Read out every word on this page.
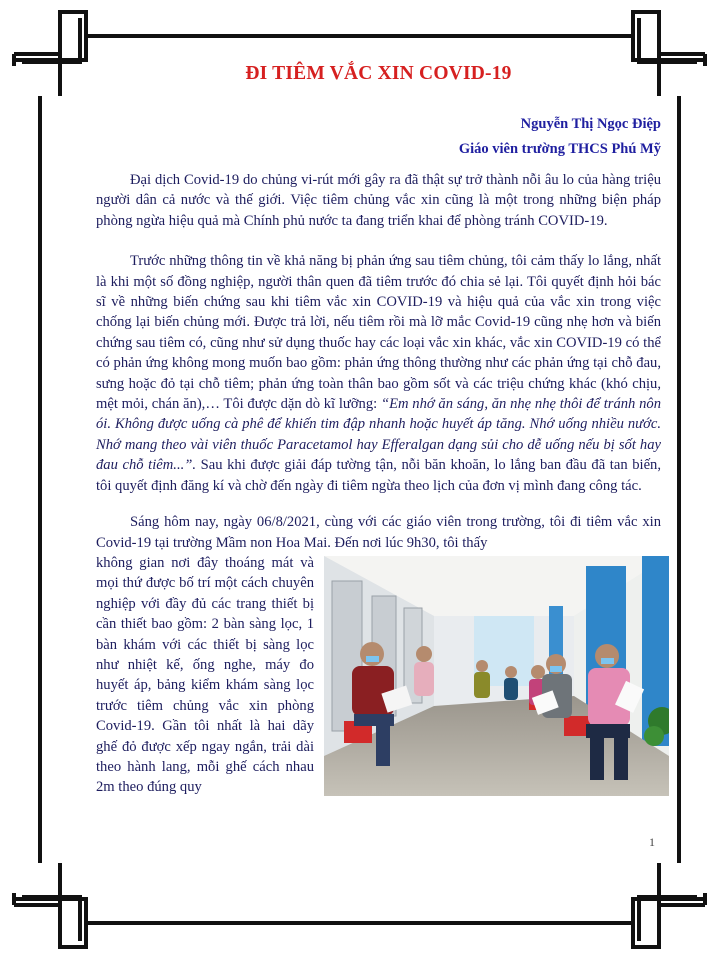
ĐI TIÊM VẮC XIN COVID-19

Nguyễn Thị Ngọc Điệp

Giáo viên trường THCS Phú Mỹ

Đại dịch Covid-19 do chủng vi-rút mới gây ra đã thật sự trở thành nỗi âu lo của hàng triệu người dân cả nước và thế giới. Việc tiêm chủng vắc xin cũng là một trong những biện pháp phòng ngừa hiệu quả mà Chính phủ nước ta đang triển khai để phòng tránh COVID-19.

Trước những thông tin về khả năng bị phản ứng sau tiêm chủng, tôi cảm thấy lo lắng, nhất là khi một số đồng nghiệp, người thân quen đã tiêm trước đó chia sẻ lại. Tôi quyết định hỏi bác sĩ về những biến chứng sau khi tiêm vắc xin COVID-19 và hiệu quả của vắc xin trong việc chống lại biến chủng mới. Được trả lời, nếu tiêm rồi mà lỡ mắc Covid-19 cũng nhẹ hơn và biến chứng sau tiêm có, cũng như sử dụng thuốc hay các loại vắc xin khác, vắc xin COVID-19 có thể có phản ứng không mong muốn bao gồm: phản ứng thông thường như các phản ứng tại chỗ đau, sưng hoặc đỏ tại chỗ tiêm; phản ứng toàn thân bao gồm sốt và các triệu chứng khác (khó chịu, mệt mỏi, chán ăn),… Tôi được dặn dò kĩ lưỡng: “Em nhớ ăn sáng, ăn nhẹ nhẹ thôi để tránh nôn ói. Không được uống cà phê để khiến tim đập nhanh hoặc huyết áp tăng. Nhớ uống nhiều nước. Nhớ mang theo vài viên thuốc Paracetamol hay Efferalgan dạng sủi cho dễ uống nếu bị sốt hay đau chỗ tiêm...”. Sau khi được giải đáp tường tận, nỗi băn khoăn, lo lắng ban đầu đã tan biến, tôi quyết định đăng kí và chờ đến ngày đi tiêm ngừa theo lịch của đơn vị mình đang công tác.

Sáng hôm nay, ngày 06/8/2021, cùng với các giáo viên trong trường, tôi đi tiêm vắc xin Covid-19 tại trường Mầm non Hoa Mai. Đến nơi lúc 9h30, tôi thấy

không gian nơi đây thoáng mát và mọi thứ được bố trí một cách chuyên nghiệp với đầy đủ các trang thiết bị cần thiết bao gồm: 2 bàn sàng lọc, 1 bàn khám với các thiết bị sàng lọc như nhiệt kế, ống nghe, máy đo huyết áp, bảng kiểm khám sàng lọc trước tiêm chủng vắc xin phòng Covid-19. Gần tôi nhất là hai dãy ghế đỏ được xếp ngay ngắn, trải dài theo hành lang, mỗi ghế cách nhau 2m theo đúng quy

1
